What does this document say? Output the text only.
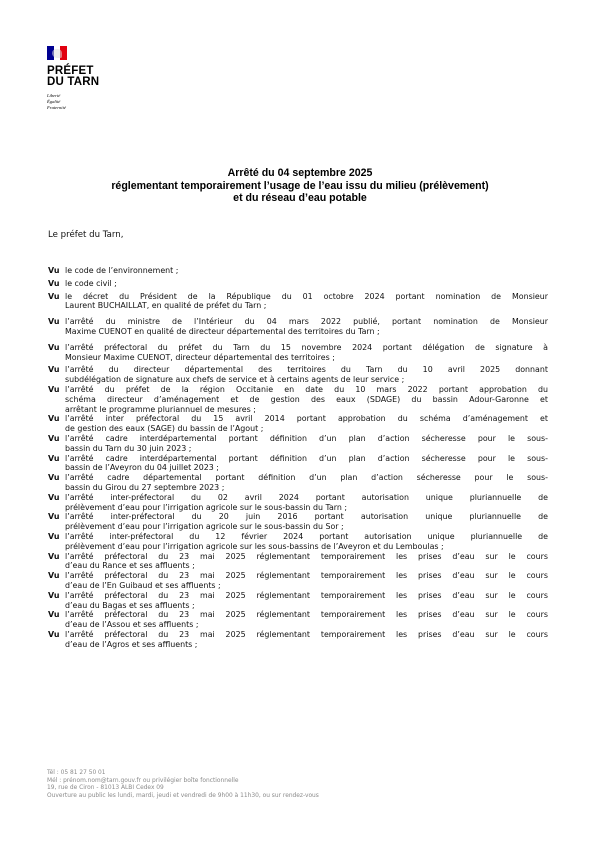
PRÉFET
DU TARN
Liberté
Égalité
Fraternité
Arrêté du 04 septembre 2025
réglementant temporairement l’usage de l’eau issu du milieu (prélèvement)
et du réseau d’eau potable
Le préfet du Tarn,
Vu le code de l’environnement ;
Vu le code civil ;
Vu le décret du Président de la République du 01 octobre 2024 portant nomination de Monsieur
Laurent BUCHAILLAT, en qualité de préfet du Tarn ;
Vu l’arrêté du ministre de l’Intérieur du 04 mars 2022 publié, portant nomination de Monsieur
Maxime CUENOT en qualité de directeur départemental des territoires du Tarn ;
Vu l’arrêté préfectoral du préfet du Tarn du 15 novembre 2024 portant délégation de signature à
Monsieur Maxime CUENOT, directeur départemental des territoires ;
Vu l’arrêté du directeur départemental des territoires du Tarn du 10 avril 2025 donnant
subdélégation de signature aux chefs de service et à certains agents de leur service ;
Vu l’arrêté du préfet de la région Occitanie en date du 10 mars 2022 portant approbation du
schéma directeur d’aménagement et de gestion des eaux (SDAGE) du bassin Adour-Garonne et
arrêtant le programme pluriannuel de mesures ;
Vu l’arrêté inter préfectoral du 15 avril 2014 portant approbation du schéma d’aménagement et
de gestion des eaux (SAGE) du bassin de l’Agout ;
Vu l’arrêté cadre interdépartemental portant définition d’un plan d’action sécheresse pour le sous-
bassin du Tarn du 30 juin 2023 ;
Vu l’arrêté cadre interdépartemental portant définition d’un plan d’action sécheresse pour le sous-
bassin de l’Aveyron du 04 juillet 2023 ;
Vu l’arrêté cadre départemental portant définition d’un plan d’action sécheresse pour le sous-
bassin du Girou du 27 septembre 2023 ;
Vu l’arrêté inter-préfectoral du 02 avril 2024 portant autorisation unique pluriannuelle de
prélèvement d’eau pour l’irrigation agricole sur le sous-bassin du Tarn ;
Vu l’arrêté inter-préfectoral du 20 juin 2016 portant autorisation unique pluriannuelle de
prélèvement d’eau pour l’irrigation agricole sur le sous-bassin du Sor ;
Vu l’arrêté inter-préfectoral du 12 février 2024 portant autorisation unique pluriannuelle de
prélèvement d’eau pour l’irrigation agricole sur les sous-bassins de l’Aveyron et du Lemboulas ;
Vu l’arrêté préfectoral du 23 mai 2025 réglementant temporairement les prises d’eau sur le cours
d’eau du Rance et ses affluents ;
Vu l’arrêté préfectoral du 23 mai 2025 réglementant temporairement les prises d’eau sur le cours
d’eau de l’En Guibaud et ses affluents ;
Vu l’arrêté préfectoral du 23 mai 2025 réglementant temporairement les prises d’eau sur le cours
d’eau du Bagas et ses affluents ;
Vu l’arrêté préfectoral du 23 mai 2025 réglementant temporairement les prises d’eau sur le cours
d’eau de l’Assou et ses affluents ;
Vu l’arrêté préfectoral du 23 mai 2025 réglementant temporairement les prises d’eau sur le cours
d’eau de l’Agros et ses affluents ;
Tél : 05 81 27 50 01
Mél : prénom.nom@tarn.gouv.fr ou privilégier boîte fonctionnelle
19, rue de Ciron - 81013 ALBI Cedex 09
Ouverture au public les lundi, mardi, jeudi et vendredi de 9h00 à 11h30, ou sur rendez-vous
